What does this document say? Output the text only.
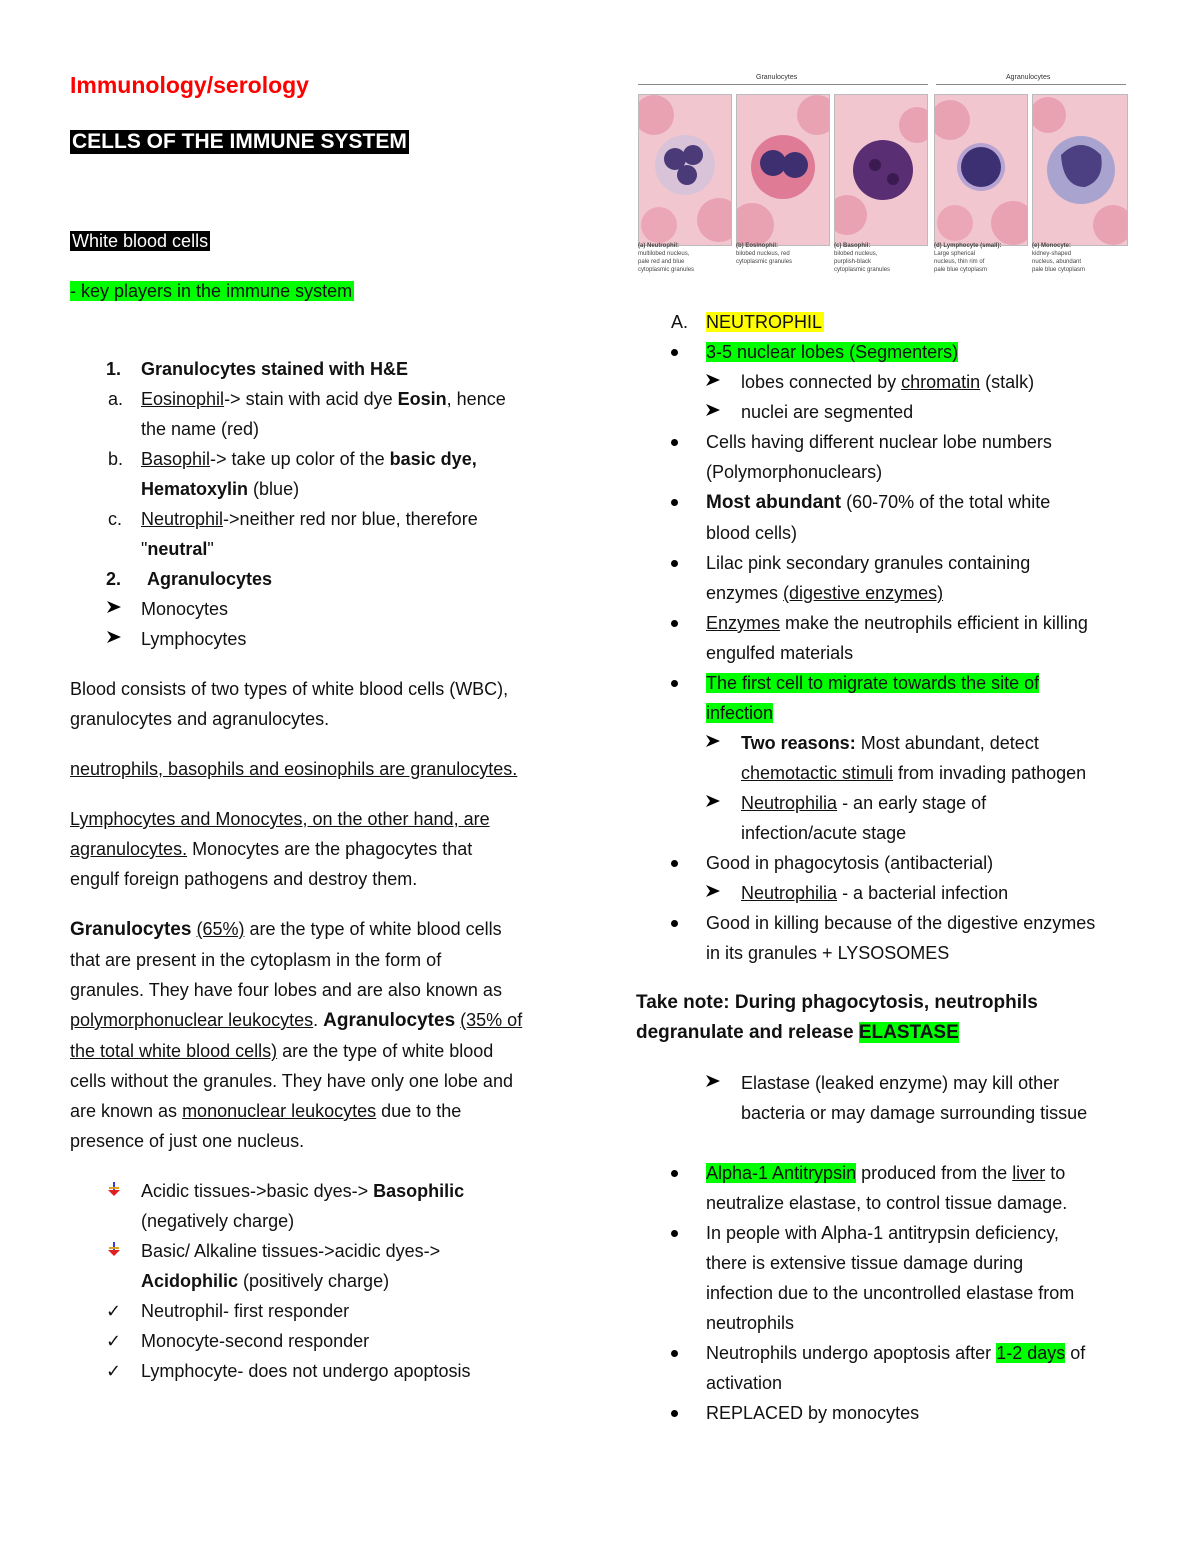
Immunology/serology
CELLS OF THE IMMUNE SYSTEM
White blood cells
- key players in the immune system
1. Granulocytes stained with H&E
a. Eosinophil-> stain with acid dye Eosin, hence
the name (red)
b. Basophil-> take up color of the basic dye,
Hematoxylin (blue)
c. Neutrophil->neither red nor blue, therefore
"neutral"
2. Agranulocytes
Monocytes
Lymphocytes
Blood consists of two types of white blood cells (WBC),
granulocytes and agranulocytes.
neutrophils, basophils and eosinophils are granulocytes.
Lymphocytes and Monocytes, on the other hand, are
agranulocytes. Monocytes are the phagocytes that
engulf foreign pathogens and destroy them.
Granulocytes (65%) are the type of white blood cells
that are present in the cytoplasm in the form of
granules. They have four lobes and are also known as
polymorphonuclear leukocytes. Agranulocytes (35% of
the total white blood cells) are the type of white blood
cells without the granules. They have only one lobe and
are known as mononuclear leukocytes due to the
presence of just one nucleus.
Acidic tissues->basic dyes-> Basophilic
(negatively charge)
Basic/ Alkaline tissues->acidic dyes->
Acidophilic (positively charge)
✓ Neutrophil- first responder
✓ Monocyte-second responder
✓ Lymphocyte- does not undergo apoptosis
Granulocytes	Agranulocytes
(a) Neutrophil:
multilobed nucleus,
pale red and blue
cytoplasmic granules
(b) Eosinophil:
bilobed nucleus, red
cytoplasmic granules
(c) Basophil:
bilobed nucleus,
purplish-black
cytoplasmic granules
(d) Lymphocyte (small):
Large spherical
nucleus, thin rim of
pale blue cytoplasm
(e) Monocyte:
kidney-shaped
nucleus, abundant
pale blue cytoplasm
A. NEUTROPHIL
3-5 nuclear lobes (Segmenters)
lobes connected by chromatin (stalk)
nuclei are segmented
Cells having different nuclear lobe numbers
(Polymorphonuclears)
Most abundant (60-70% of the total white
blood cells)
Lilac pink secondary granules containing
enzymes (digestive enzymes)
Enzymes make the neutrophils efficient in killing
engulfed materials
The first cell to migrate towards the site of
infection
Two reasons: Most abundant, detect
chemotactic stimuli from invading pathogen
Neutrophilia - an early stage of
infection/acute stage
Good in phagocytosis (antibacterial)
Neutrophilia - a bacterial infection
Good in killing because of the digestive enzymes
in its granules + LYSOSOMES
Take note: During phagocytosis, neutrophils
degranulate and release ELASTASE
Elastase (leaked enzyme) may kill other
bacteria or may damage surrounding tissue
Alpha-1 Antitrypsin produced from the liver to
neutralize elastase, to control tissue damage.
In people with Alpha-1 antitrypsin deficiency,
there is extensive tissue damage during
infection due to the uncontrolled elastase from
neutrophils
Neutrophils undergo apoptosis after 1-2 days of
activation
REPLACED by monocytes
